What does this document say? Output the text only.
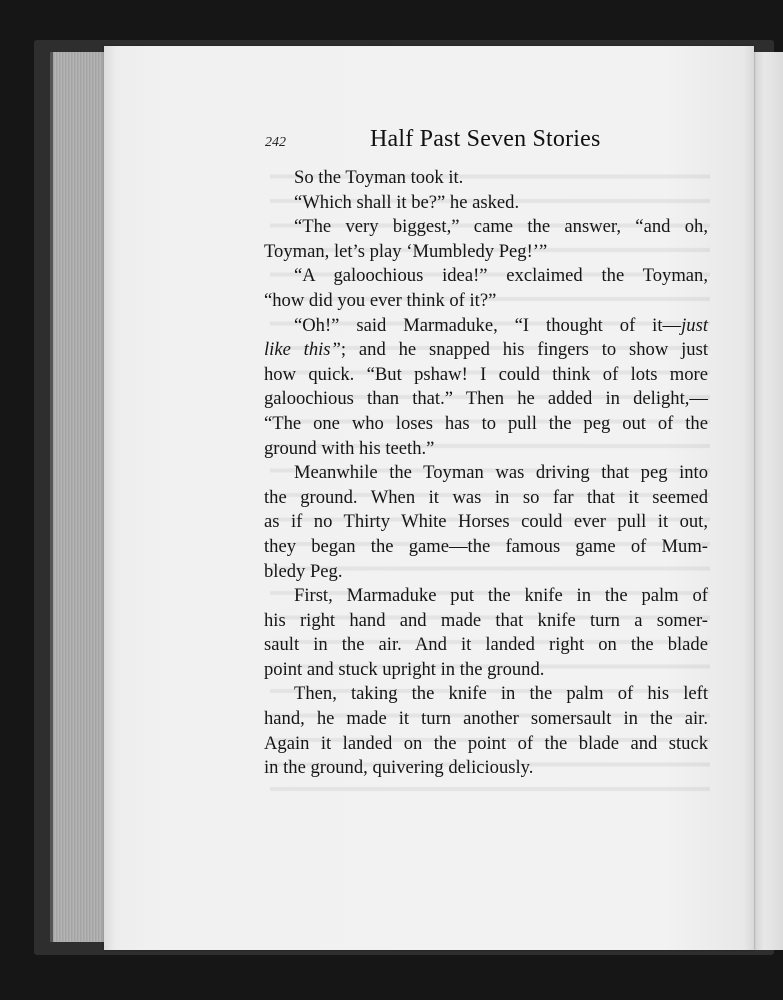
242	Half Past Seven Stories
So the Toyman took it.
“Which shall it be?” he asked.
“The very biggest,” came the answer, “and oh,
Toyman, let’s play ‘Mumbledy Peg!’”
“A galoochious idea!” exclaimed the Toyman,
“how did you ever think of it?”
“Oh!” said Marmaduke, “I thought of it—just
like this”; and he snapped his fingers to show just
how quick. “But pshaw! I could think of lots more
galoochious than that.” Then he added in delight,—
“The one who loses has to pull the peg out of the
ground with his teeth.”
Meanwhile the Toyman was driving that peg into
the ground. When it was in so far that it seemed
as if no Thirty White Horses could ever pull it out,
they began the game—the famous game of Mum-
bledy Peg.
First, Marmaduke put the knife in the palm of
his right hand and made that knife turn a somer-
sault in the air. And it landed right on the blade
point and stuck upright in the ground.
Then, taking the knife in the palm of his left
hand, he made it turn another somersault in the air.
Again it landed on the point of the blade and stuck
in the ground, quivering deliciously.
